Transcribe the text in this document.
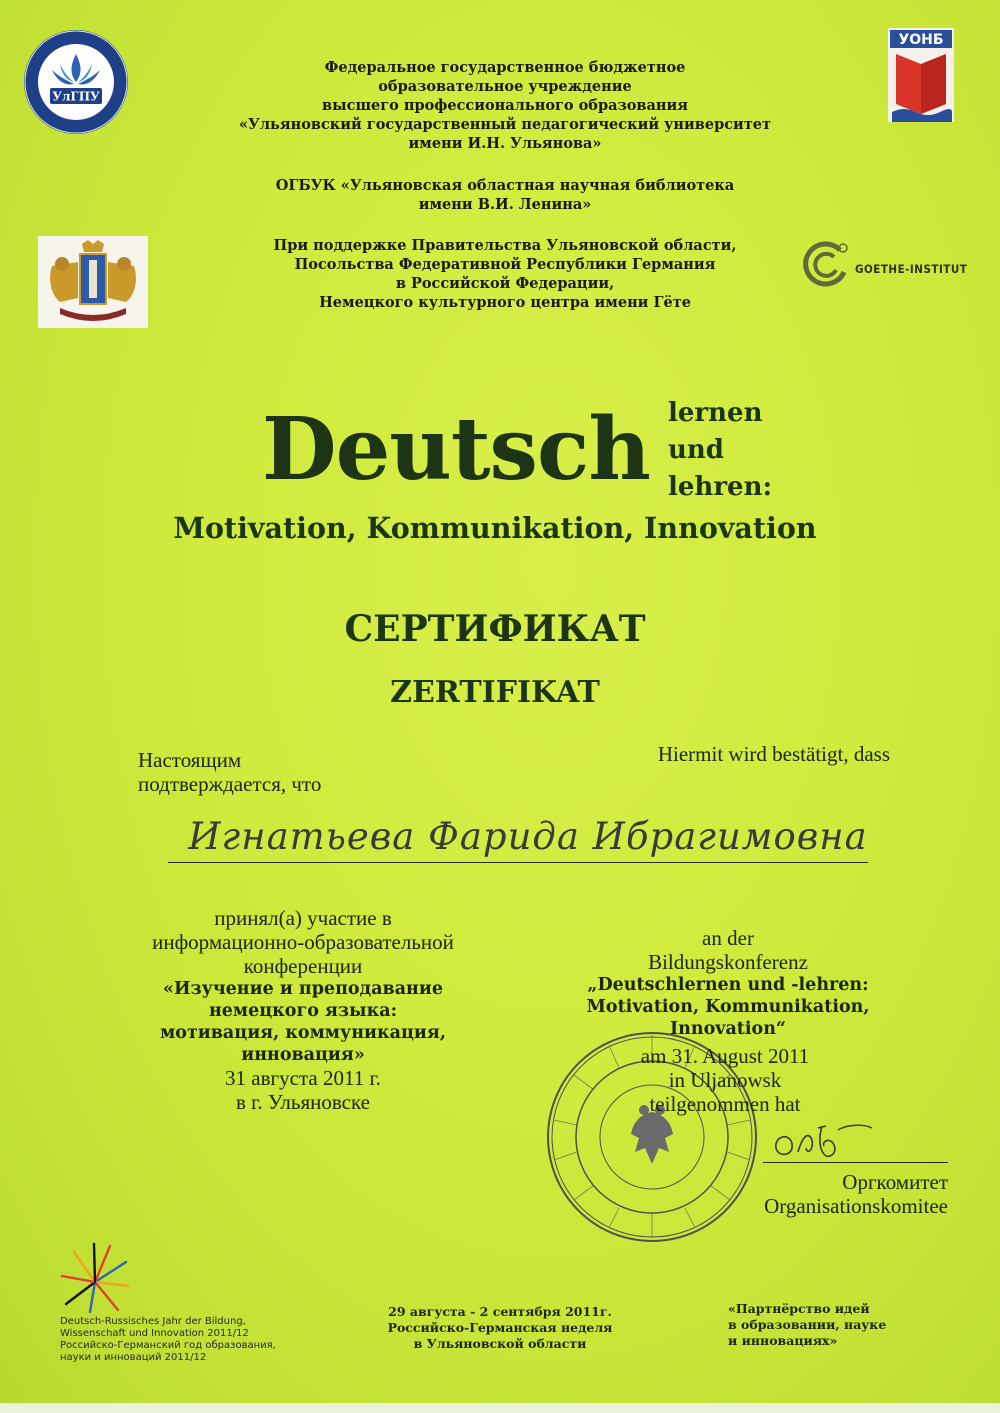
УлГПУ
УОНБ
GOETHE-INSTITUT
Федеральное государственное бюджетное
образовательное учреждение
высшего профессионального образования
«Ульяновский государственный педагогический университет
имени И.Н. Ульянова»
ОГБУК «Ульяновская областная научная библиотека
имени В.И. Ленина»
При поддержке Правительства Ульяновской области,
Посольства Федеративной Республики Германия
в Российской Федерации,
Немецкого культурного центра имени Гёте
Deutsch lernen
und
lehren:
Motivation, Kommunikation, Innovation
СЕРТИФИКАТ
ZERTIFIKAT
Настоящим
подтверждается, что
Hiermit wird bestätigt, dass
Игнатьева Фарида Ибрагимовна
принял(а) участие в
информационно-образовательной
конференции
«Изучение и преподавание
немецкого языка:
мотивация, коммуникация,
инновация»
31 августа 2011 г.
в г. Ульяновске
an der
Bildungskonferenz
„Deutschlernen und -lehren:
Motivation, Kommunikation,
Innovation“
am 31. August 2011
in Uljanowsk
teilgenommen hat
Оргкомитет
Organisationskomitee
Deutsch-Russisches Jahr der Bildung,
Wissenschaft und Innovation 2011/12
Российско-Германский год образования,
науки и инноваций 2011/12
29 августа - 2 сентября 2011г.
Российско-Германская неделя
в Ульяновской области
«Партнёрство идей
в образовании, науке
и инновациях»
